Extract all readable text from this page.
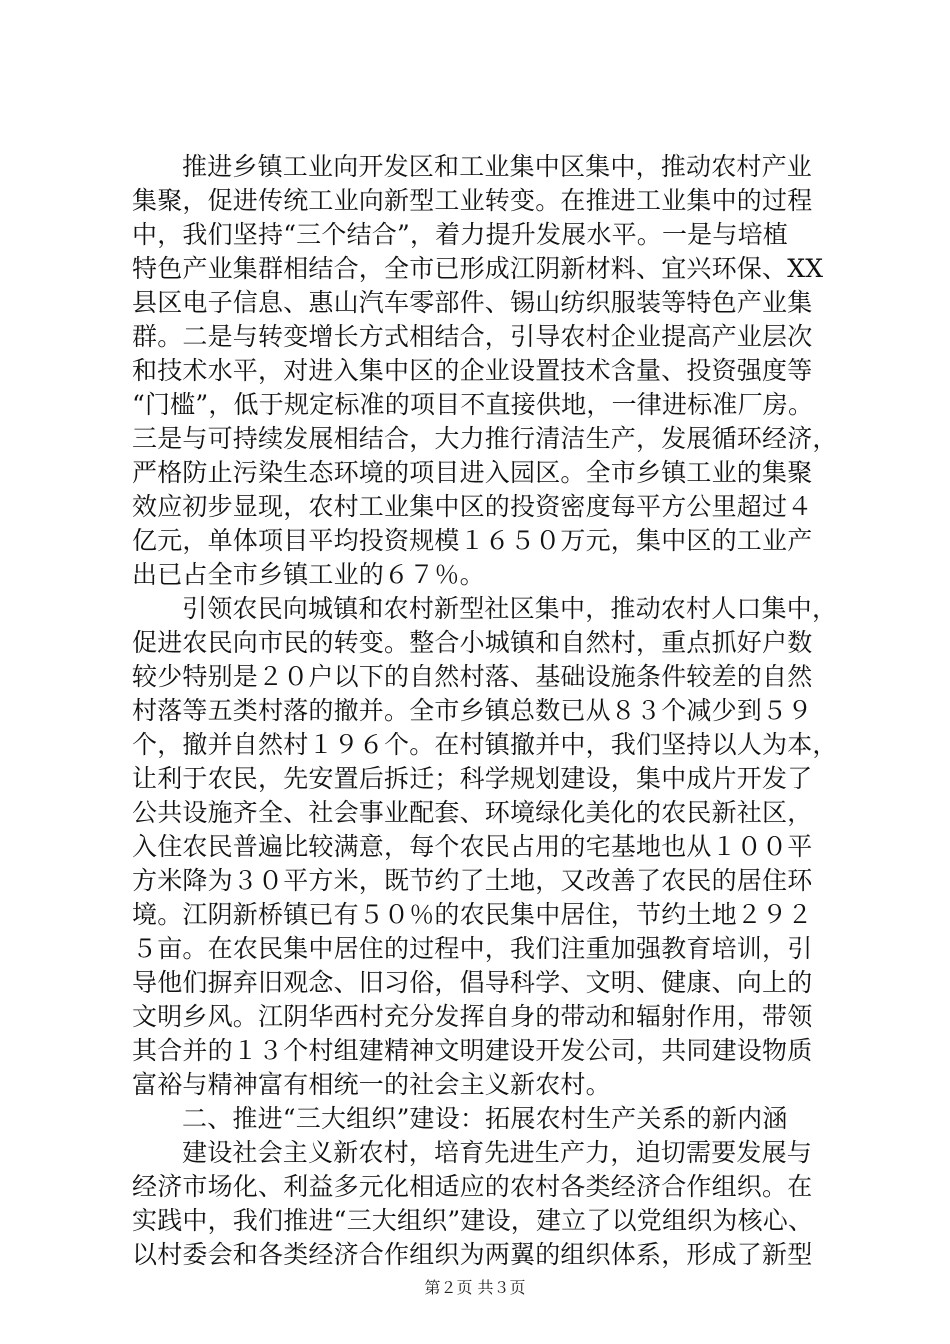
推进乡镇工业向开发区和工业集中区集中，推动农村产业
集聚，促进传统工业向新型工业转变。在推进工业集中的过程
中，我们坚持“三个结合”，着力提升发展水平。一是与培植
特色产业集群相结合，全市已形成江阴新材料、宜兴环保、XX
县区电子信息、惠山汽车零部件、锡山纺织服装等特色产业集
群。二是与转变增长方式相结合，引导农村企业提高产业层次
和技术水平，对进入集中区的企业设置技术含量、投资强度等
“门槛”，低于规定标准的项目不直接供地，一律进标准厂房。
三是与可持续发展相结合，大力推行清洁生产，发展循环经济，
严格防止污染生态环境的项目进入园区。全市乡镇工业的集聚
效应初步显现，农村工业集中区的投资密度每平方公里超过４
亿元，单体项目平均投资规模１６５０万元，集中区的工业产
出已占全市乡镇工业的６７％。
引领农民向城镇和农村新型社区集中，推动农村人口集中，
促进农民向市民的转变。整合小城镇和自然村，重点抓好户数
较少特别是２０户以下的自然村落、基础设施条件较差的自然
村落等五类村落的撤并。全市乡镇总数已从８３个减少到５９
个，撤并自然村１９６个。在村镇撤并中，我们坚持以人为本，
让利于农民，先安置后拆迁；科学规划建设，集中成片开发了
公共设施齐全、社会事业配套、环境绿化美化的农民新社区，
入住农民普遍比较满意，每个农民占用的宅基地也从１００平
方米降为３０平方米，既节约了土地，又改善了农民的居住环
境。江阴新桥镇已有５０％的农民集中居住，节约土地２９２
５亩。在农民集中居住的过程中，我们注重加强教育培训，引
导他们摒弃旧观念、旧习俗，倡导科学、文明、健康、向上的
文明乡风。江阴华西村充分发挥自身的带动和辐射作用，带领
其合并的１３个村组建精神文明建设开发公司，共同建设物质
富裕与精神富有相统一的社会主义新农村。
二、推进“三大组织”建设：拓展农村生产关系的新内涵
建设社会主义新农村，培育先进生产力，迫切需要发展与
经济市场化、利益多元化相适应的农村各类经济合作组织。在
实践中，我们推进“三大组织”建设，建立了以党组织为核心、
以村委会和各类经济合作组织为两翼的组织体系，形成了新型
第２页 共３页
